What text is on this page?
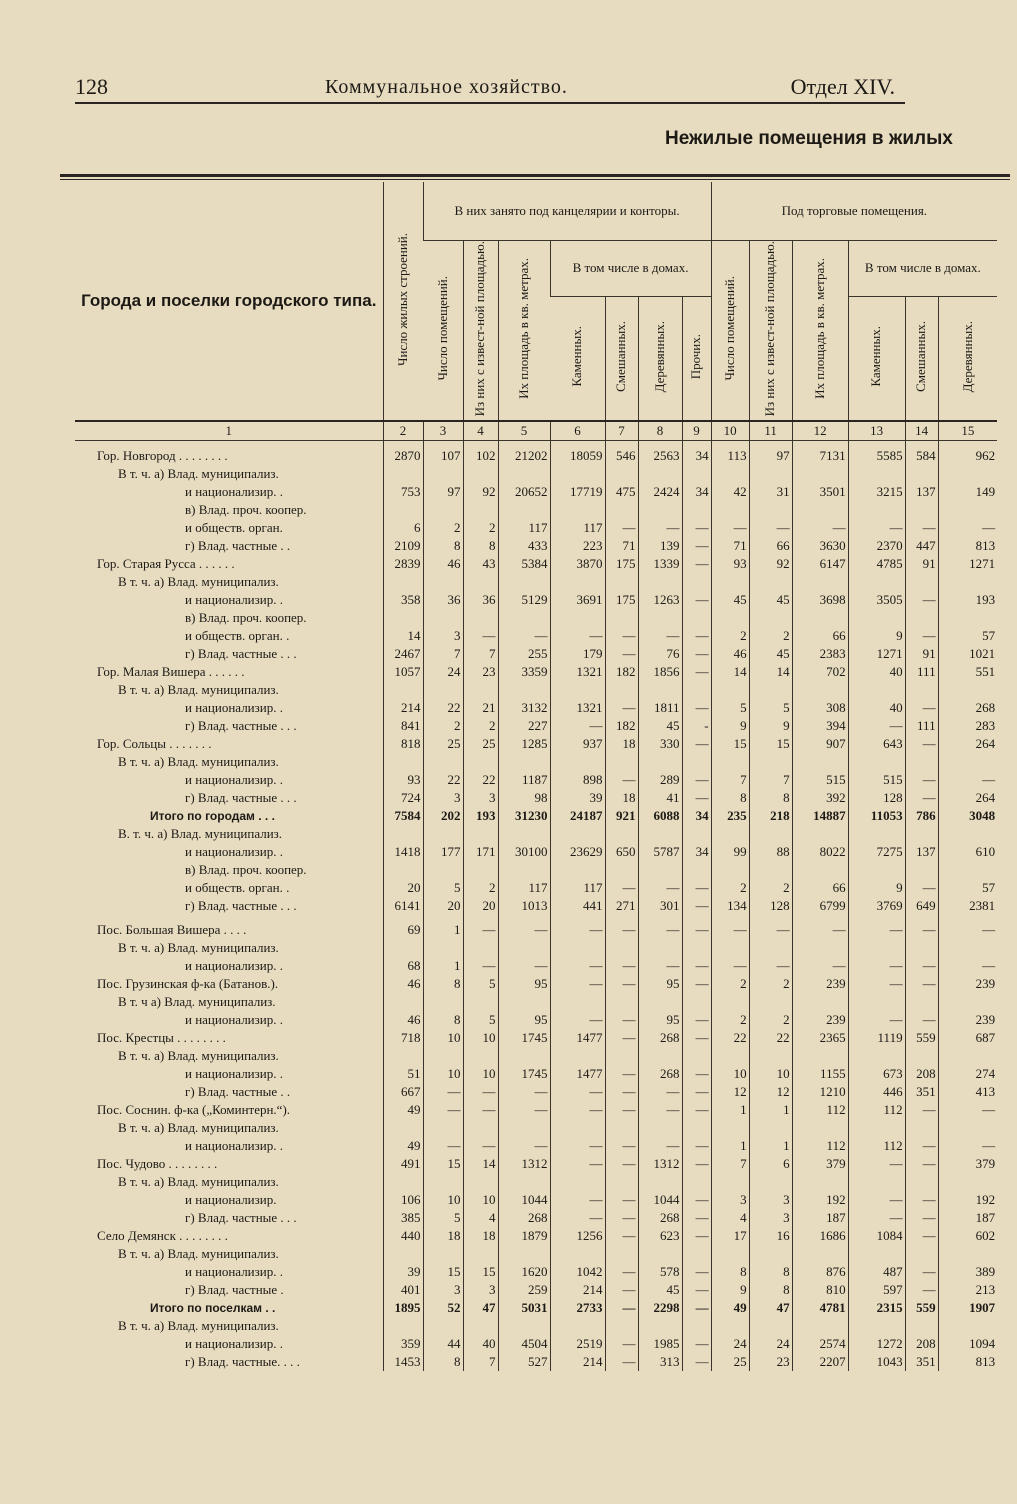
128	Коммунальное хозяйство.	Отдел XIV.
Нежилые помещения в жилых
Города и поселки городского типа.	Число жилых строений.	В них занято под канцелярии и конторы.							Под торговые помещения.					
		Число помещений.	Из них с извест-ной площадью.	Их площадь в кв. метрах.	В том числе в домах.				Число помещений.	Из них с извест-ной площадью.	Их площадь в кв. метрах.	В том числе в домах.		
					Каменных.	Смешанных.	Деревянных.	Прочих.				Каменных.	Смешанных.	Деревянных.
1	2	3	4	5	6	7	8	9	10	11	12	13	14	15
Гор. Новгород . . . . . . . .	2870	107	102	21202	18059	546	2563	34	113	97	7131	5585	584	962
В т. ч. а) Влад. муниципализ.														
и национализир. .	753	97	92	20652	17719	475	2424	34	42	31	3501	3215	137	149
в) Влад. проч. коопер.														
и обществ. орган.	6	2	2	117	117	—	—	—	—	—	—	—	—	—
г) Влад. частные . .	2109	8	8	433	223	71	139	—	71	66	3630	2370	447	813
Гор. Старая Русса . . . . . .	2839	46	43	5384	3870	175	1339	—	93	92	6147	4785	91	1271
В т. ч. а) Влад. муниципализ.														
и национализир. .	358	36	36	5129	3691	175	1263	—	45	45	3698	3505	—	193
в) Влад. проч. коопер.														
и обществ. орган. .	14	3	—	—	—	—	—	—	2	2	66	9	—	57
г) Влад. частные . . .	2467	7	7	255	179	—	76	—	46	45	2383	1271	91	1021
Гор. Малая Вишера . . . . . .	1057	24	23	3359	1321	182	1856	—	14	14	702	40	111	551
В т. ч. а) Влад. муниципализ.														
и национализир. .	214	22	21	3132	1321	—	1811	—	5	5	308	40	—	268
г) Влад. частные . . .	841	2	2	227	—	182	45	-	9	9	394	—	111	283
Гор. Сольцы . . . . . . .	818	25	25	1285	937	18	330	—	15	15	907	643	—	264
В т. ч. а) Влад. муниципализ.														
и национализир. .	93	22	22	1187	898	—	289	—	7	7	515	515	—	—
г) Влад. частные . . .	724	3	3	98	39	18	41	—	8	8	392	128	—	264
Итого по городам . . .	7584	202	193	31230	24187	921	6088	34	235	218	14887	11053	786	3048
В. т. ч. а) Влад. муниципализ.														
и национализир. .	1418	177	171	30100	23629	650	5787	34	99	88	8022	7275	137	610
в) Влад. проч. коопер.														
и обществ. орган. .	20	5	2	117	117	—	—	—	2	2	66	9	—	57
г) Влад. частные . . .	6141	20	20	1013	441	271	301	—	134	128	6799	3769	649	2381
Пос. Большая Вишера . . . .	69	1	—	—	—	—	—	—	—	—	—	—	—	—
В т. ч. а) Влад. муниципализ.														
и национализир. .	68	1	—	—	—	—	—	—	—	—	—	—	—	—
Пос. Грузинская ф-ка (Батанов.).	46	8	5	95	—	—	95	—	2	2	239	—	—	239
В т. ч а) Влад. муниципализ.														
и национализир. .	46	8	5	95	—	—	95	—	2	2	239	—	—	239
Пос. Крестцы . . . . . . . .	718	10	10	1745	1477	—	268	—	22	22	2365	1119	559	687
В т. ч. а) Влад. муниципализ.														
и национализир. .	51	10	10	1745	1477	—	268	—	10	10	1155	673	208	274
г) Влад. частные . .	667	—	—	—	—	—	—	—	12	12	1210	446	351	413
Пос. Соснин. ф-ка („Коминтерн.“).	49	—	—	—	—	—	—	—	1	1	112	112	—	—
В т. ч. а) Влад. муниципализ.														
и национализир. .	49	—	—	—	—	—	—	—	1	1	112	112	—	—
Пос. Чудово . . . . . . . .	491	15	14	1312	—	—	1312	—	7	6	379	—	—	379
В т. ч. а) Влад. муниципализ.														
и национализир.	106	10	10	1044	—	—	1044	—	3	3	192	—	—	192
г) Влад. частные . . .	385	5	4	268	—	—	268	—	4	3	187	—	—	187
Село Демянск . . . . . . . .	440	18	18	1879	1256	—	623	—	17	16	1686	1084	—	602
В т. ч. а) Влад. муниципализ.														
и национализир. .	39	15	15	1620	1042	—	578	—	8	8	876	487	—	389
г) Влад. частные .	401	3	3	259	214	—	45	—	9	8	810	597	—	213
Итого по поселкам . .	1895	52	47	5031	2733	—	2298	—	49	47	4781	2315	559	1907
В т. ч. а) Влад. муниципализ.														
и национализир. .	359	44	40	4504	2519	—	1985	—	24	24	2574	1272	208	1094
г) Влад. частные. . . .	1453	8	7	527	214	—	313	—	25	23	2207	1043	351	813
